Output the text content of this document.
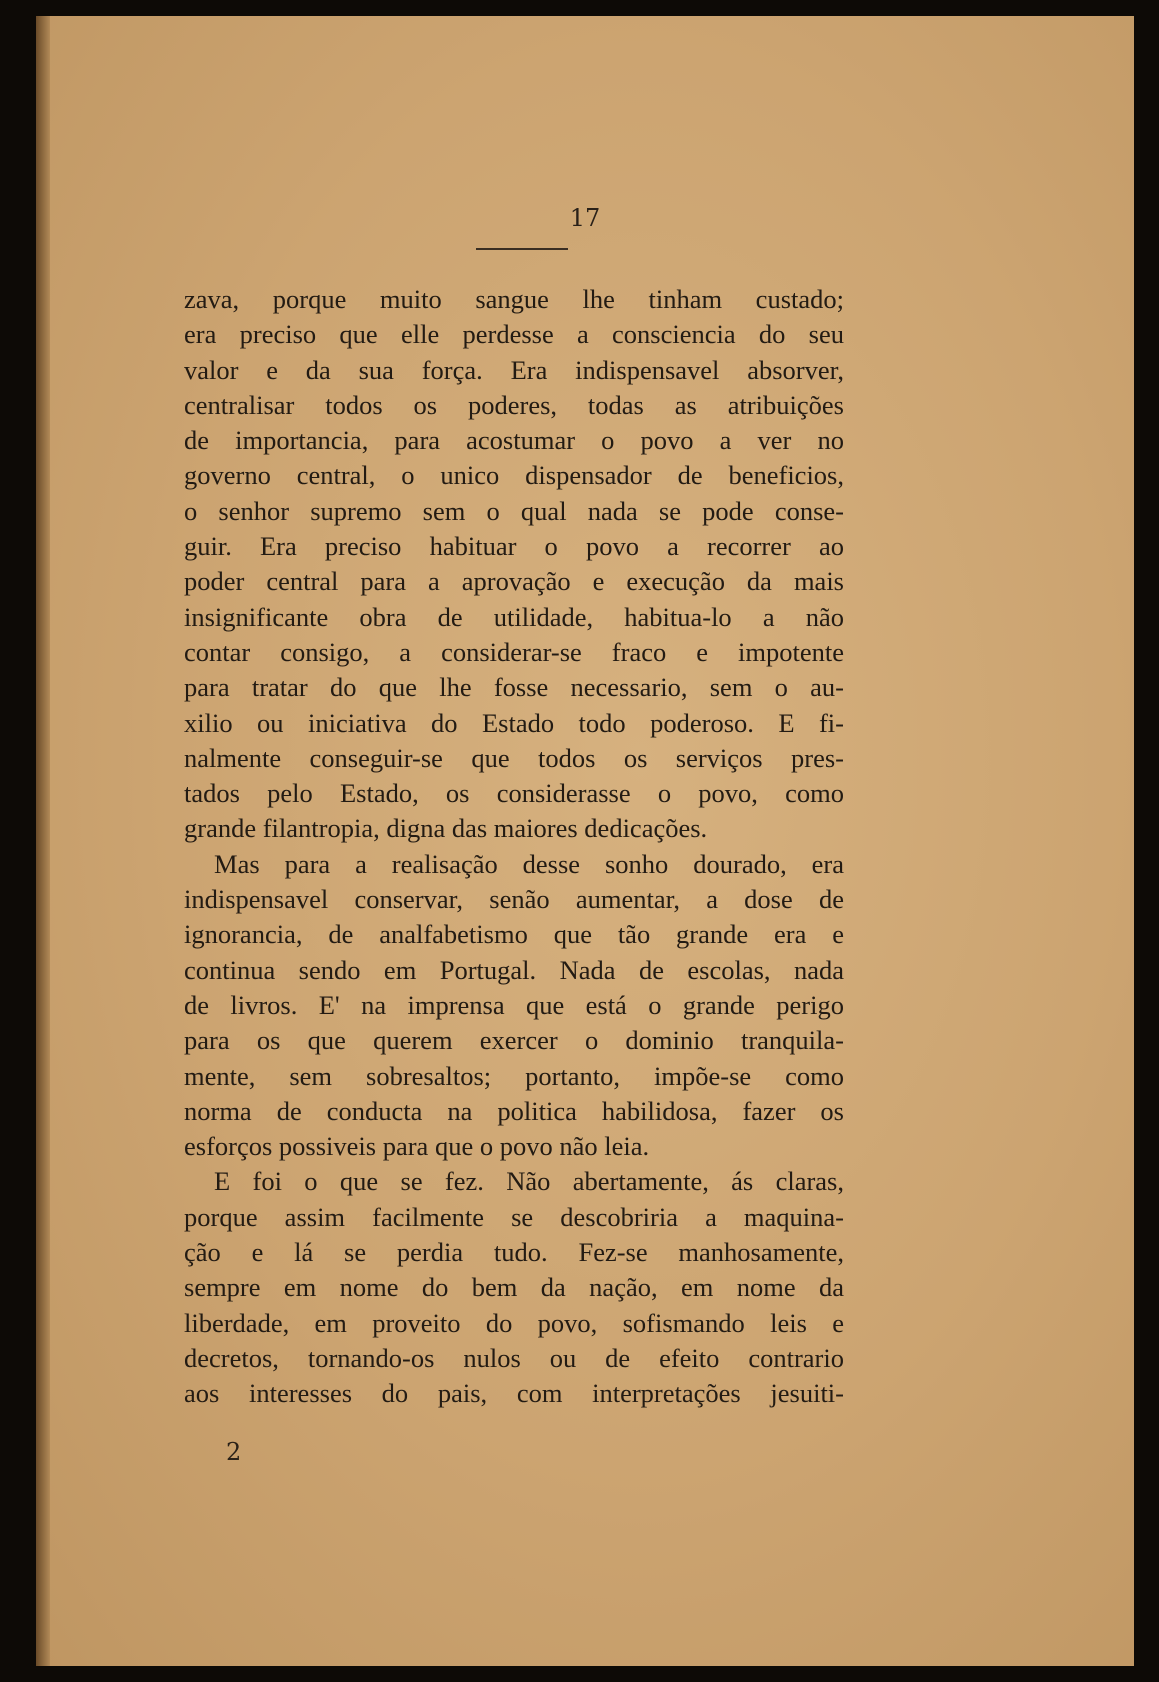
17
zava, porque muito sangue lhe tinham custado;
era preciso que elle perdesse a consciencia do seu
valor e da sua força. Era indispensavel absorver,
centralisar todos os poderes, todas as atribuições
de importancia, para acostumar o povo a ver no
governo central, o unico dispensador de beneficios,
o senhor supremo sem o qual nada se pode conse-
guir. Era preciso habituar o povo a recorrer ao
poder central para a aprovação e execução da mais
insignificante obra de utilidade, habitua-lo a não
contar consigo, a considerar-se fraco e impotente
para tratar do que lhe fosse necessario, sem o au-
xilio ou iniciativa do Estado todo poderoso. E fi-
nalmente conseguir-se que todos os serviços pres-
tados pelo Estado, os considerasse o povo, como
grande filantropia, digna das maiores dedicações.
Mas para a realisação desse sonho dourado, era
indispensavel conservar, senão aumentar, a dose de
ignorancia, de analfabetismo que tão grande era e
continua sendo em Portugal. Nada de escolas, nada
de livros. E' na imprensa que está o grande perigo
para os que querem exercer o dominio tranquila-
mente, sem sobresaltos; portanto, impõe-se como
norma de conducta na politica habilidosa, fazer os
esforços possiveis para que o povo não leia.
E foi o que se fez. Não abertamente, ás claras,
porque assim facilmente se descobriria a maquina-
ção e lá se perdia tudo. Fez-se manhosamente,
sempre em nome do bem da nação, em nome da
liberdade, em proveito do povo, sofismando leis e
decretos, tornando-os nulos ou de efeito contrario
aos interesses do pais, com interpretações jesuiti-
2
